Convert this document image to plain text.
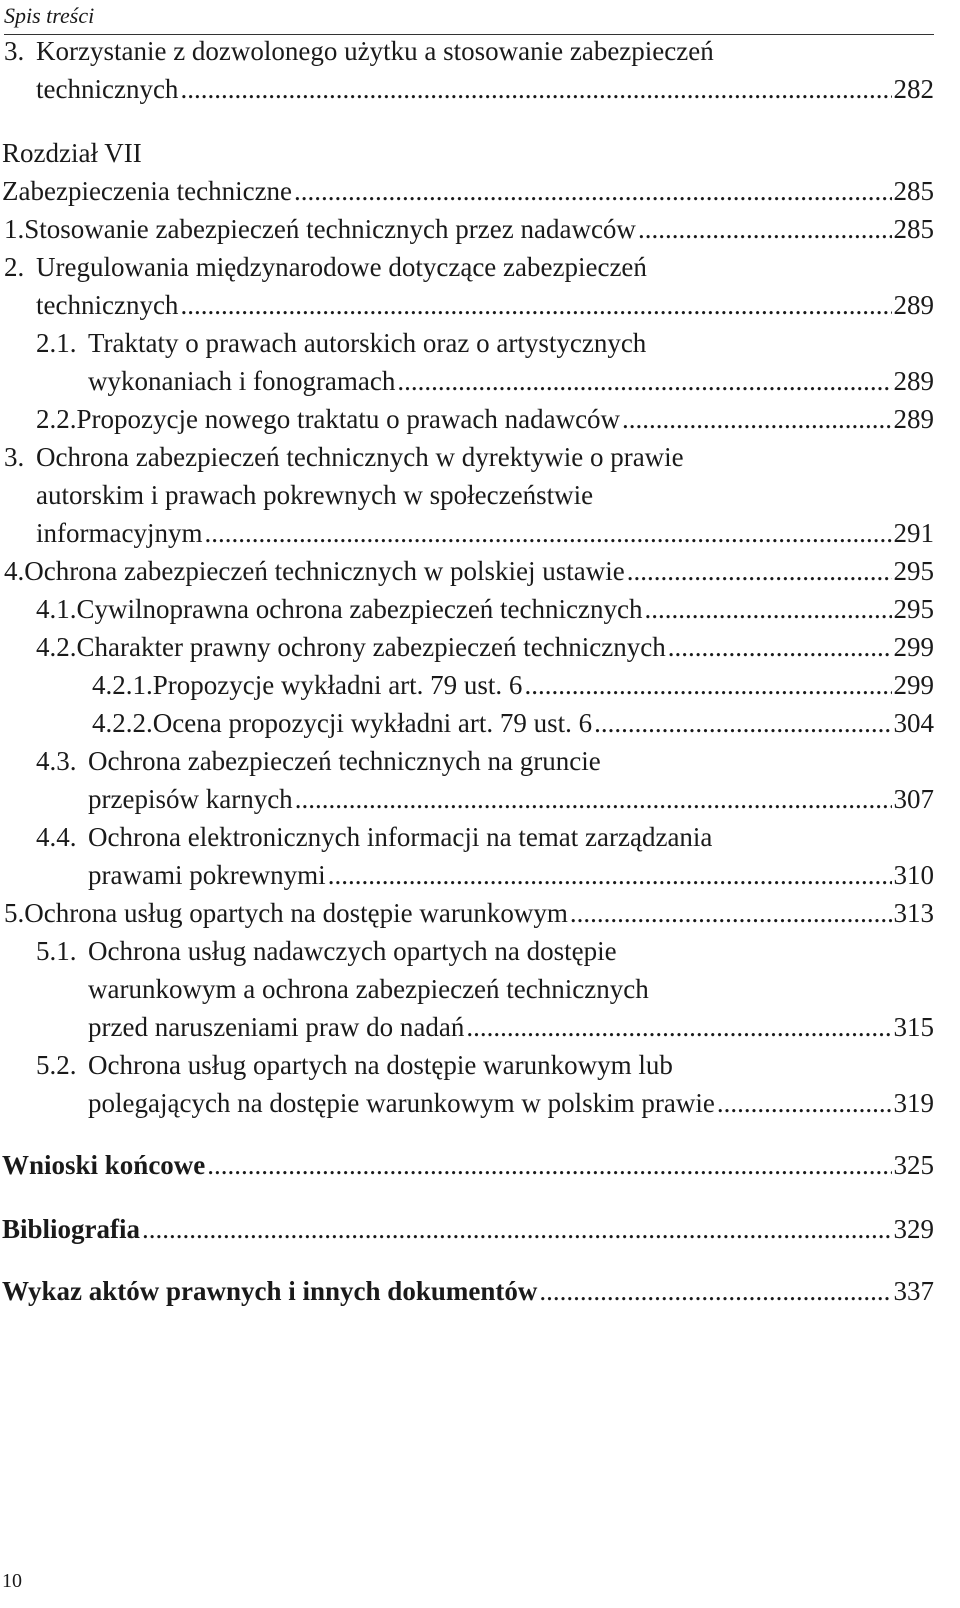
Spis treści
3. Korzystanie z dozwolonego użytku a stosowanie zabezpieczeń
technicznych .....	282
Rozdział VII
Zabezpieczenia techniczne .....	285
1. Stosowanie zabezpieczeń technicznych przez nadawców .....	285
2. Uregulowania międzynarodowe dotyczące zabezpieczeń
technicznych .....	289
2.1. Traktaty o prawach autorskich oraz o artystycznych
wykonaniach i fonogramach .....	289
2.2. Propozycje nowego traktatu o prawach nadawców .....	289
3. Ochrona zabezpieczeń technicznych w dyrektywie o prawie
autorskim i prawach pokrewnych w społeczeństwie
informacyjnym .....	291
4. Ochrona zabezpieczeń technicznych w polskiej ustawie .....	295
4.1. Cywilnoprawna ochrona zabezpieczeń technicznych .....	295
4.2. Charakter prawny ochrony zabezpieczeń technicznych .....	299
4.2.1. Propozycje wykładni art. 79 ust. 6 .....	299
4.2.2. Ocena propozycji wykładni art. 79 ust. 6 .....	304
4.3. Ochrona zabezpieczeń technicznych na gruncie
przepisów karnych .....	307
4.4. Ochrona elektronicznych informacji na temat zarządzania
prawami pokrewnymi .....	310
5. Ochrona usług opartych na dostępie warunkowym .....	313
5.1. Ochrona usług nadawczych opartych na dostępie
warunkowym a ochrona zabezpieczeń technicznych
przed naruszeniami praw do nadań .....	315
5.2. Ochrona usług opartych na dostępie warunkowym lub
polegających na dostępie warunkowym w polskim prawie .....	319
Wnioski końcowe .....	325
Bibliografia .....	329
Wykaz aktów prawnych i innych dokumentów .....	337
10
